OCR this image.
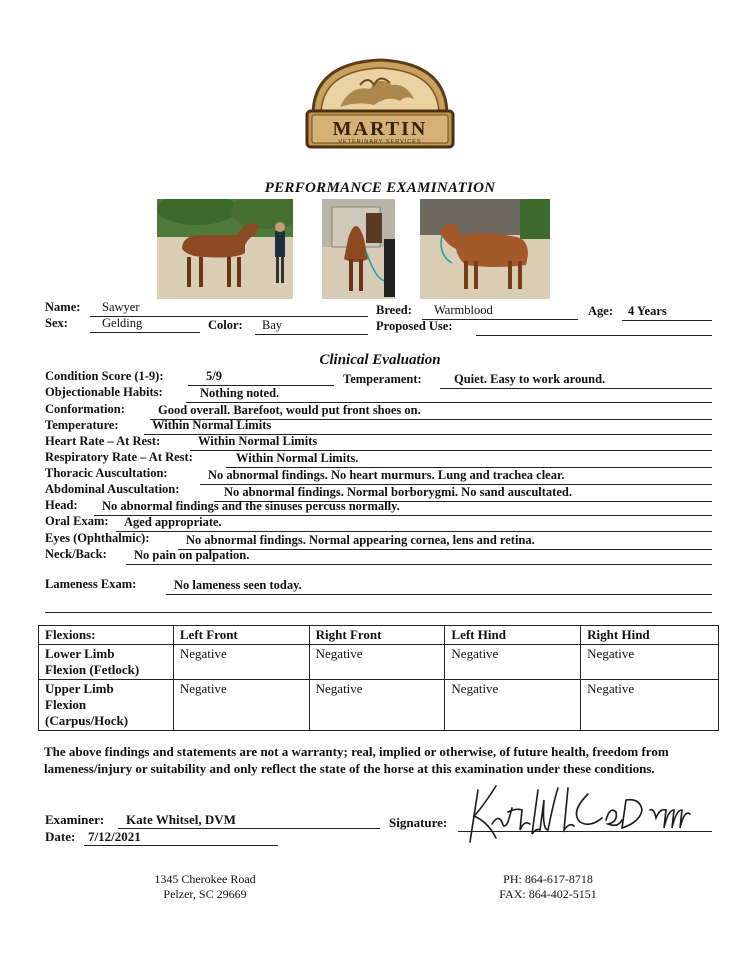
MARTIN
VETERINARY SERVICES
PERFORMANCE EXAMINATION
Name: Sawyer	Breed: Warmblood	Age: 4 Years
Sex:	Gelding	Color: Bay	Proposed Use:
Clinical Evaluation
Condition Score (1-9):	5/9	Temperament:	Quiet. Easy to work around.
Objectionable Habits:	Nothing noted.
Conformation:	Good overall. Barefoot, would put front shoes on.
Temperature:	Within Normal Limits
Heart Rate – At Rest:	Within Normal Limits
Respiratory Rate – At Rest:	Within Normal Limits.
Thoracic Auscultation:	No abnormal findings. No heart murmurs. Lung and trachea clear.
Abdominal Auscultation:	No abnormal findings. Normal borborygmi. No sand auscultated.
Head: No abnormal findings and the sinuses percuss normally.
Oral Exam: Aged appropriate.
Eyes (Ophthalmic):	No abnormal findings. Normal appearing cornea, lens and retina.
Neck/Back: No pain on palpation.
Lameness Exam:	No lameness seen today.
Flexions:	Left Front	Right Front	Left Hind	Right Hind

Lower Limb
Flexion (Fetlock)	Negative	Negative	Negative	Negative

Upper Limb
Flexion
(Carpus/Hock)	Negative	Negative	Negative	Negative
The above findings and statements are not a warranty; real, implied or otherwise, of future health, freedom from lameness/injury or suitability and only reflect the state of the horse at this examination under these conditions.
Examiner: Kate Whitsel, DVM
Date: 7/12/2021
Signature:
1345 Cherokee Road
Pelzer, SC 29669
PH: 864-617-8718
FAX: 864-402-5151
